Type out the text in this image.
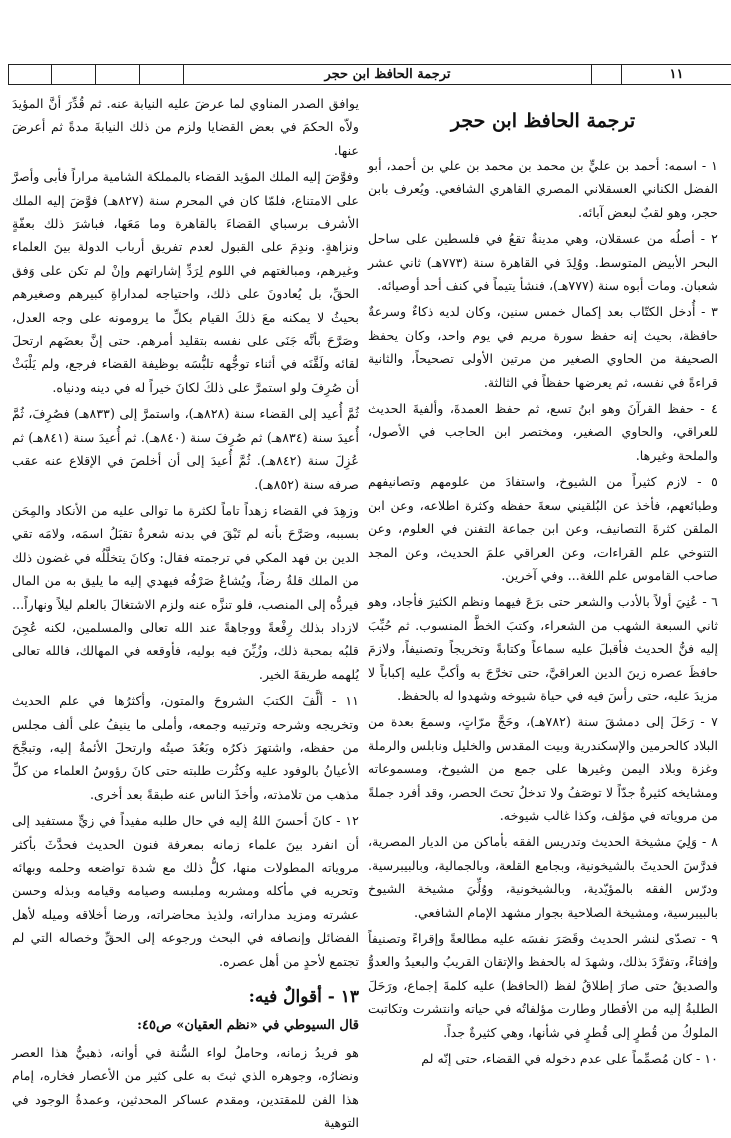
١١
ترجمة الحافظ ابن حجر
ترجمة الحافظ ابن حجر

١ - اسمه: أحمد بن عليٍّ بن محمد بن محمد بن علي بن أحمد، أبو الفضل الكناني العسقلاني المصري القاهري الشافعي. ويُعرف بابن حجر، وهو لقبٌ لبعض آبائه.

٢ - أصلُه من عسقلان، وهي مدينةٌ تقعُ في فلسطين على ساحل البحر الأبيض المتوسط. ووُلِدَ في القاهرة سنة (٧٧٣هـ) ثاني عشر شعبان. ومات أبوه سنة (٧٧٧هـ)، فنشأ يتيماً في كنف أحد أوصيائه.

٣ - أُدخل الكتّاب بعد إكمال خمس سنين، وكان لديه ذكاءٌ وسرعةٌ حافظة، بحيث إنه حفظ سورة مريم في يوم واحد، وكان يحفظ الصحيفة من الحاوي الصغير من مرتين الأولى تصحيحاً، والثانية قراءةً في نفسه، ثم يعرضها حفظاً في الثالثة.

٤ - حفظ القرآنَ وهو ابنُ تسع، ثم حفظ العمدةَ، وألفيةَ الحديث للعراقي، والحاوي الصغير، ومختصر ابن الحاجب في الأصول، والملحة وغيرها.

٥ - لازم كثيراً من الشيوخ، واستفادَ من علومهم وتصانيفهم وطبائعهم، فأخذ عن البُلقيني سعةَ حفظه وكثرة اطلاعه، وعن ابن الملقن كثرةَ التصانيف، وعن ابن جماعة التفنن في العلوم، وعن التنوخي علم القراءات، وعن العراقي علمَ الحديث، وعن المجد صاحب القاموس علم اللغة... وفي آخرين.

٦ - عُنِيَ أولاً بالأدب والشعر حتى برَعَ فيهما ونظم الكثيرَ فأجاد، وهو ثاني السبعة الشهب من الشعراء، وكتبَ الخطَّ المنسوب. ثم حُبِّبَ إليه فنُّ الحديث فأقبلَ عليه سماعاً وكتابةً وتخريجاً وتصنيفاً، ولازمَ حافظَ عصره زينَ الدين العراقيَّ، حتى تخرَّجَ به وأكبَّ عليه إكباباً لا مزيدَ عليه، حتى رأسَ فيه في حياة شيوخه وشهدوا له بالحفظ.

٧ - رَحَلَ إلى دمشقَ سنة (٧٨٢هـ)، وحَجَّ مرّاتٍ، وسمعَ بعدة من البلاد كالحرمين والإسكندرية وبيت المقدس والخليل ونابلس والرملة وغزة وبلاد اليمن وغيرها على جمع من الشيوخ، ومسموعاته ومشايخه كثيرةٌ جدّاً لا توصَفُ ولا تدخلُ تحتَ الحصر، وقد أفرد جملةً من مروياته في مؤلف، وكذا غالب شيوخه.

٨ - وَلِيَ مشيخة الحديث وتدريس الفقه بأماكن من الديار المصرية، فدرَّسَ الحديثَ بالشيخونية، وبجامع القلعة، وبالجمالية، وبالبيبرسية. ودرّس الفقه بالمؤيّدية، وبالشيخونية، ووُلِّيَ مشيخة الشيوخ بالبيبرسية، ومشيخة الصلاحية بجوار مشهد الإمام الشافعي.

٩ - تصدّى لنشر الحديث وقَصَرَ نفسَه عليه مطالعةً وإقراءً وتصنيفاً وإفتاءً، وتفرَّدَ بذلك، وشهدَ له بالحفظ والإتقان القريبُ والبعيدُ والعدوُّ والصديقُ حتى صارَ إطلاقُ لفظ (الحافظ) عليه كلمةَ إجماع، ورَحَلَ الطلبةُ إليه من الأقطار وطارت مؤلفاتُه في حياته وانتشرت وتكاتبت الملوكُ من قُطرٍ إلى قُطرٍ في شأنها، وهي كثيرةٌ جداً.

١٠ - كان مُصمِّماً على عدم دخوله في القضاء، حتى إنّه لم

يوافق الصدر المناوي لما عرضَ عليه النيابة عنه. ثم قُدِّرَ أنَّ المؤيدَ ولاّه الحكمَ في بعض القضايا ولزم من ذلك النيابةَ مدةً ثم أعرضَ عنها.

وفوَّضَ إليه الملك المؤيد القضاء بالمملكة الشامية مراراً فأبى وأصرَّ على الامتناع، فلمّا كان في المحرم سنة (٨٢٧هـ) فوَّضَ إليه الملك الأشرف برسباي القضاءَ بالقاهرة وما مَعَها، فباشرَ ذلك بعفّةٍ ونزاهةٍ. وندِمَ على القبول لعدم تفريق أرباب الدولة بينَ العلماء وغيرهم، ومبالغتهم في اللوم لِرَدِّ إشاراتهم وإنْ لم تكن على وَفق الحقِّ، بل يُعادونَ على ذلك، واحتياجه لمداراةِ كبيرهم وصغيرهم بحيثُ لا يمكنه معَ ذلكَ القيام بكلِّ ما يرومونه على وجه العدل، وصَرَّحَ بأنَّه جَنَى على نفسه بتقليد أمرهم. حتى إنَّ بعضَهم ارتحلَ لقائه ولَقَّنَه في أثناء توجُّهه تلبُّسَه بوظيفة القضاء فرجع، ولم يَلْبَثْ أن صُرِفَ ولو استمرَّ على ذلكَ لكانَ خيراً له في دينه ودنياه.

ثُمَّ أُعيد إلى القضاء سنة (٨٢٨هـ)، واستمرَّ إلى (٨٣٣هـ) فصُرِفَ، ثُمَّ أُعيدَ سنة (٨٣٤هـ) ثم صُرِفَ سنة (٨٤٠هـ). ثم أُعيدَ سنة (٨٤١هـ) ثم عُزِلَ سنة (٨٤٢هـ). ثُمَّ أُعيدَ إلى أن أخلصَ في الإقلاع عنه عقب صرفه سنة (٨٥٢هـ).

وزهِدَ في القضاء زهداً تاماً لكثرة ما توالى عليه من الأنكاد والمِحَن بسببه، وصَرَّحَ بأنه لم تَبْقَ في بدنه شعرةٌ تقبَلُ اسمَه، ولامَه تقي الدين بن فهد المكي في ترجمته فقال: وكانَ يتخلَّلُه في غضون ذلك من الملك قلةُ رضاً، ويُشاعُ صَرْفُه فيهدي إليه ما يليق به من المال فيردُّه إلى المنصب، فلو تنزَّه عنه ولزم الاشتغالَ بالعلم ليلاً ونهاراً... لازداد بذلك رِفْعةً ووجاهةً عند الله تعالى والمسلمين، لكنه عُجِنَ قلبُه بمحبة ذلك، وزُيِّنَ فيه بوليه، فأوقعه في المهالك، فالله تعالى يُلهمه طريقةَ الخير.

١١ - ألَّفَ الكتبَ الشروحَ والمتون، وأكثرُها في علم الحديث وتخريجه وشرحه وترتيبه وجمعه، وأملى ما ينيفُ على ألف مجلس من حفظه، واشتهرَ ذكرُه وبَعُدَ صيتُه وارتحلَ الأئمةُ إليه، وتبجَّحَ الأعيانُ بالوفود عليه وكثُرت طلبته حتى كانَ رؤوسُ العلماء من كلِّ مذهب من تلامذته، وأخذَ الناس عنه طبقةً بعد أخرى.

١٢ - كانَ أحسنَ اللهُ إليه في حال طلبه مفيداً في زيٍّ مستفيد إلى أن انفرد بينَ علماء زمانه بمعرفة فنون الحديث فحدَّثَ بأكثر مروياته المطولات منها، كلُّ ذلك مع شدة تواضعه وحلمه وبهائه وتحريه في مأكله ومشربه وملبسه وصيامه وقيامه وبذله وحسن عشرته ومزيد مداراته، ولذيذ محاضراته، ورضا أخلاقه وميله لأهل الفضائل وإنصافه في البحث ورجوعه إلى الحقِّ وخصاله التي لم تجتمع لأحدٍ من أهل عصره.

١٣ - أقوالٌ فيه:
قال السيوطي في «نظم العقيان» ص٤٥:

هو فريدُ زمانه، وحاملُ لواء السُّنة في أوانه، ذهبيُّ هذا العصر ونضارُه، وجوهره الذي ثبتَ به على كثير من الأعصار فخاره، إمام هذا الفن للمقتدين، ومقدم عساكر المحدثين، وعمدةُ الوجود في التوهية
